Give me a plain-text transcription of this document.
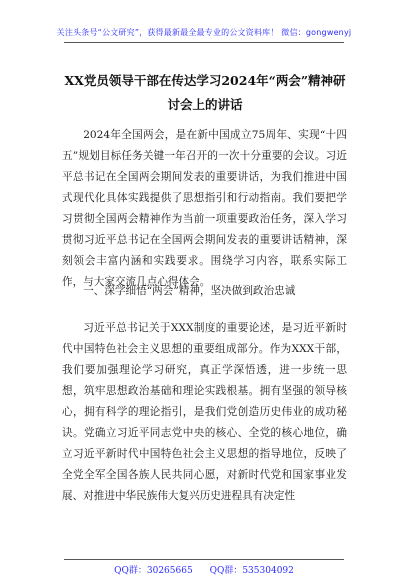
关注头条号“公文研究”，获得最新最全最专业的公文资料库！ 微信：gongwenyj
XX党员领导干部在传达学习2024年“两会”精神研讨会上的讲话
2024年全国两会，是在新中国成立75周年、实现“十四五”规划目标任务关键一年召开的一次十分重要的会议。习近平总书记在全国两会期间发表的重要讲话，为我们推进中国式现代化具体实践提供了思想指引和行动指南。我们要把学习贯彻全国两会精神作为当前一项重要政治任务，深入学习贯彻习近平总书记在全国两会期间发表的重要讲话精神，深刻领会丰富内涵和实践要求。围绕学习内容，联系实际工作，与大家交流几点心得体会。
一、深学细悟“两会”精神，坚决做到政治忠诚
习近平总书记关于XXX制度的重要论述，是习近平新时代中国特色社会主义思想的重要组成部分。作为XXX干部，我们要加强理论学习研究，真正学深悟透，进一步统一思想，筑牢思想政治基础和理论实践根基。拥有坚强的领导核心，拥有科学的理论指引，是我们党创造历史伟业的成功秘诀。党确立习近平同志党中央的核心、全党的核心地位，确立习近平新时代中国特色社会主义思想的指导地位，反映了全党全军全国各族人民共同心愿，对新时代党和国家事业发展、对推进中华民族伟大复兴历史进程具有决定性
QQ群：30265665 QQ群：535304092
